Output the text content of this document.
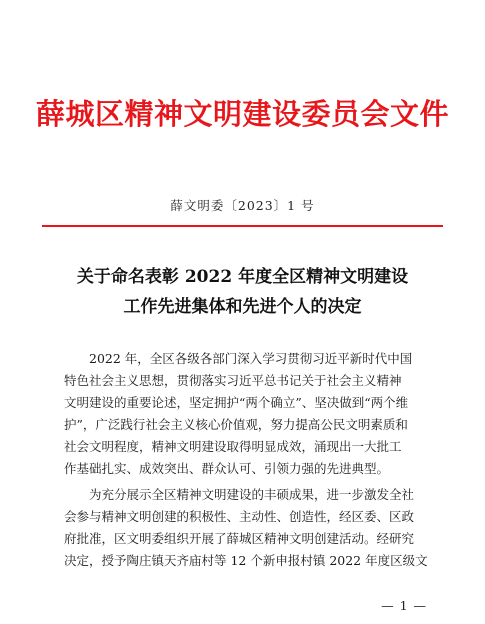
薛城区精神文明建设委员会文件
薛文明委〔2023〕1 号
关于命名表彰 2022 年度全区精神文明建设
工作先进集体和先进个人的决定

2022 年，全区各级各部门深入学习贯彻习近平新时代中国
特色社会主义思想，贯彻落实习近平总书记关于社会主义精神
文明建设的重要论述，坚定拥护“两个确立”、坚决做到“两个维
护”，广泛践行社会主义核心价值观，努力提高公民文明素质和
社会文明程度，精神文明建设取得明显成效，涌现出一大批工
作基础扎实、成效突出、群众认可、引领力强的先进典型。

为充分展示全区精神文明建设的丰硕成果，进一步激发全社
会参与精神文明创建的积极性、主动性、创造性，经区委、区政
府批准，区文明委组织开展了薛城区精神文明创建活动。经研究
决定，授予陶庄镇天齐庙村等 12 个新申报村镇 2022 年度区级文

— 1 —
